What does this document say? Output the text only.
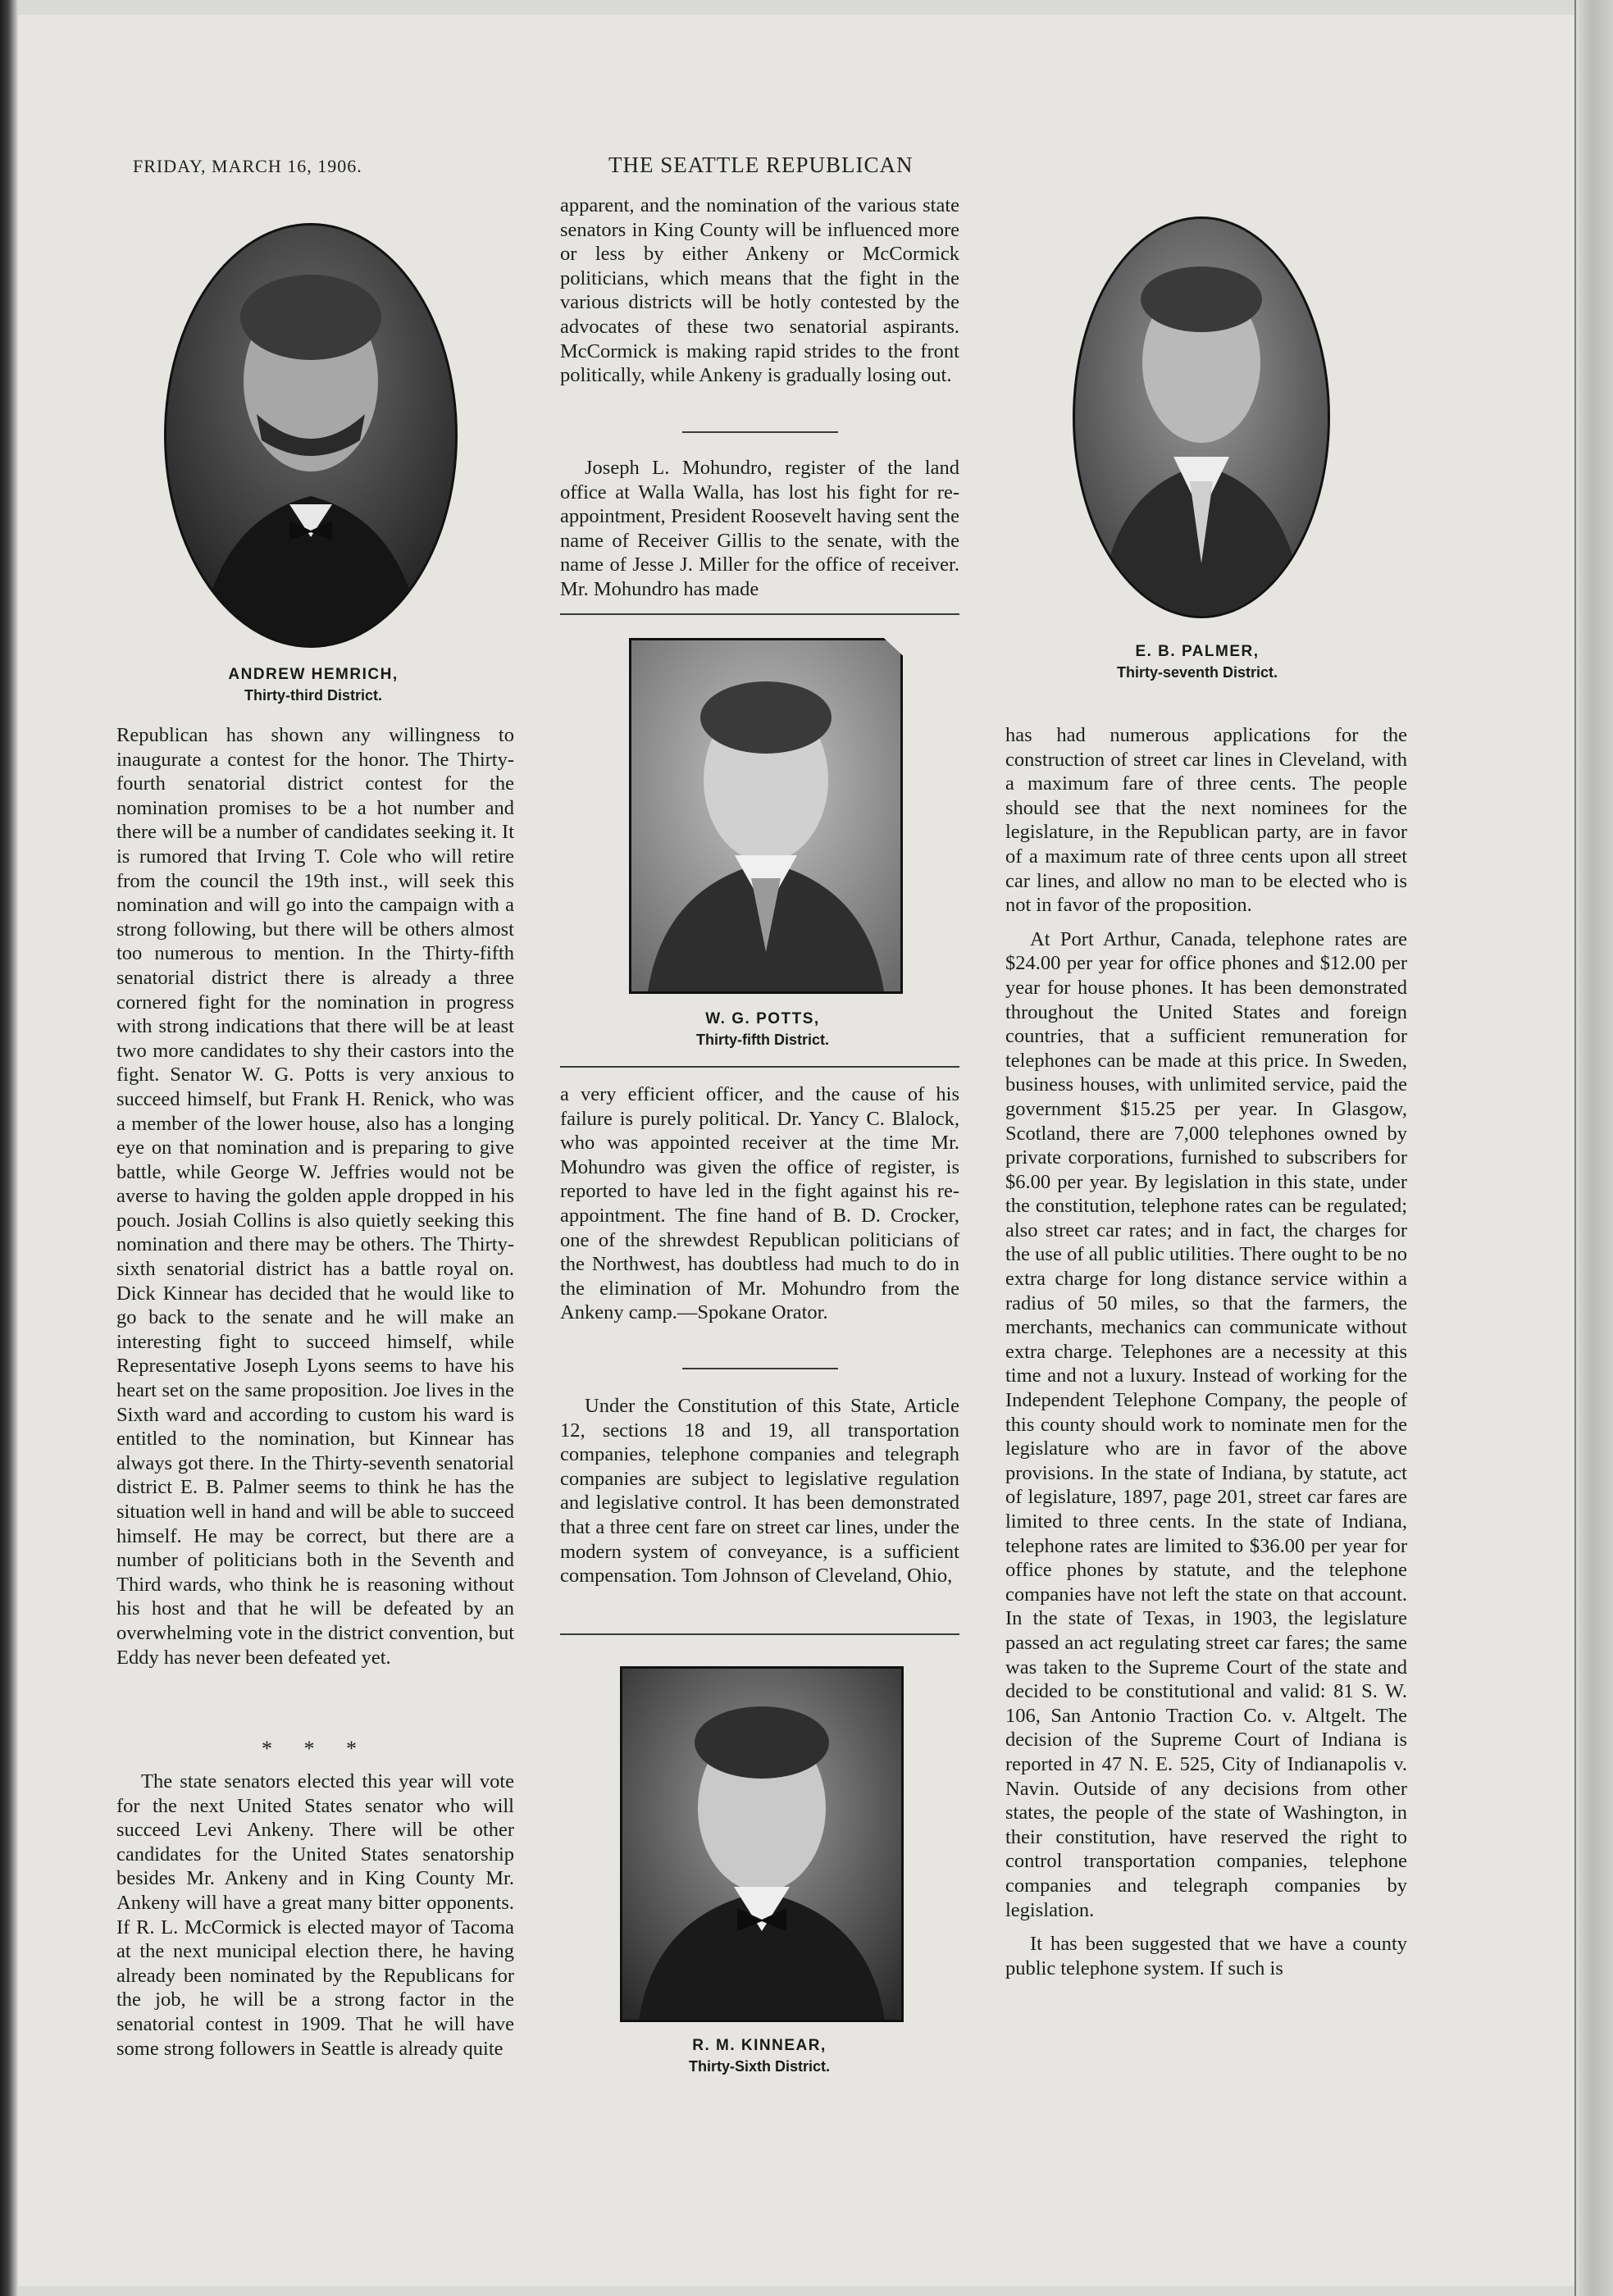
FRIDAY, MARCH 16, 1906.	THE SEATTLE REPUBLICAN
ANDREW HEMRICH,
Thirty-third District.
E. B. PALMER,
Thirty-seventh District.
W. G. POTTS,
Thirty-fifth District.
R. M. KINNEAR,
Thirty-Sixth District.

Republican has shown any willingness to inaugurate a contest for the honor. The Thirty-fourth senatorial district contest for the nomination promises to be a hot number and there will be a number of candidates seeking it. It is rumored that Irving T. Cole who will retire from the council the 19th inst., will seek this nomination and will go into the campaign with a strong following, but there will be others almost too numerous to mention. In the Thirty-fifth senatorial district there is already a three cornered fight for the nomination in progress with strong indications that there will be at least two more candidates to shy their castors into the fight. Senator W. G. Potts is very anxious to succeed himself, but Frank H. Renick, who was a member of the lower house, also has a longing eye on that nomination and is preparing to give battle, while George W. Jeffries would not be averse to having the golden apple dropped in his pouch. Josiah Collins is also quietly seeking this nomination and there may be others. The Thirty-sixth senatorial district has a battle royal on. Dick Kinnear has decided that he would like to go back to the senate and he will make an interesting fight to succeed himself, while Representative Joseph Lyons seems to have his heart set on the same proposition. Joe lives in the Sixth ward and according to custom his ward is entitled to the nomination, but Kinnear has always got there. In the Thirty-seventh senatorial district E. B. Palmer seems to think he has the situation well in hand and will be able to succeed himself. He may be correct, but there are a number of politicians both in the Seventh and Third wards, who think he is reasoning without his host and that he will be defeated by an overwhelming vote in the district convention, but Eddy has never been defeated yet.

* * *

The state senators elected this year will vote for the next United States senator who will succeed Levi Ankeny. There will be other candidates for the United States senatorship besides Mr. Ankeny and in King County Mr. Ankeny will have a great many bitter opponents. If R. L. McCormick is elected mayor of Tacoma at the next municipal election there, he having already been nominated by the Republicans for the job, he will be a strong factor in the senatorial contest in 1909. That he will have some strong followers in Seattle is already quite

apparent, and the nomination of the various state senators in King County will be influenced more or less by either Ankeny or McCormick politicians, which means that the fight in the various districts will be hotly contested by the advocates of these two senatorial aspirants. McCormick is making rapid strides to the front politically, while Ankeny is gradually losing out.

Joseph L. Mohundro, register of the land office at Walla Walla, has lost his fight for re-appointment, President Roosevelt having sent the name of Receiver Gillis to the senate, with the name of Jesse J. Miller for the office of receiver. Mr. Mohundro has made

a very efficient officer, and the cause of his failure is purely political. Dr. Yancy C. Blalock, who was appointed receiver at the time Mr. Mohundro was given the office of register, is reported to have led in the fight against his re-appointment. The fine hand of B. D. Crocker, one of the shrewdest Republican politicians of the Northwest, has doubtless had much to do in the elimination of Mr. Mohundro from the Ankeny camp.—Spokane Orator.

Under the Constitution of this State, Article 12, sections 18 and 19, all transportation companies, telephone companies and telegraph companies are subject to legislative regulation and legislative control. It has been demonstrated that a three cent fare on street car lines, under the modern system of conveyance, is a sufficient compensation. Tom Johnson of Cleveland, Ohio,

has had numerous applications for the construction of street car lines in Cleveland, with a maximum fare of three cents. The people should see that the next nominees for the legislature, in the Republican party, are in favor of a maximum rate of three cents upon all street car lines, and allow no man to be elected who is not in favor of the proposition.

At Port Arthur, Canada, telephone rates are $24.00 per year for office phones and $12.00 per year for house phones. It has been demonstrated throughout the United States and foreign countries, that a sufficient remuneration for telephones can be made at this price. In Sweden, business houses, with unlimited service, paid the government $15.25 per year. In Glasgow, Scotland, there are 7,000 telephones owned by private corporations, furnished to subscribers for $6.00 per year. By legislation in this state, under the constitution, telephone rates can be regulated; also street car rates; and in fact, the charges for the use of all public utilities. There ought to be no extra charge for long distance service within a radius of 50 miles, so that the farmers, the merchants, mechanics can communicate without extra charge. Telephones are a necessity at this time and not a luxury. Instead of working for the Independent Telephone Company, the people of this county should work to nominate men for the legislature who are in favor of the above provisions. In the state of Indiana, by statute, act of legislature, 1897, page 201, street car fares are limited to three cents. In the state of Indiana, telephone rates are limited to $36.00 per year for office phones by statute, and the telephone companies have not left the state on that account. In the state of Texas, in 1903, the legislature passed an act regulating street car fares; the same was taken to the Supreme Court of the state and decided to be constitutional and valid: 81 S. W. 106, San Antonio Traction Co. v. Altgelt. The decision of the Supreme Court of Indiana is reported in 47 N. E. 525, City of Indianapolis v. Navin. Outside of any decisions from other states, the people of the state of Washington, in their constitution, have reserved the right to control transportation companies, telephone companies and telegraph companies by legislation.

It has been suggested that we have a county public telephone system. If such is
